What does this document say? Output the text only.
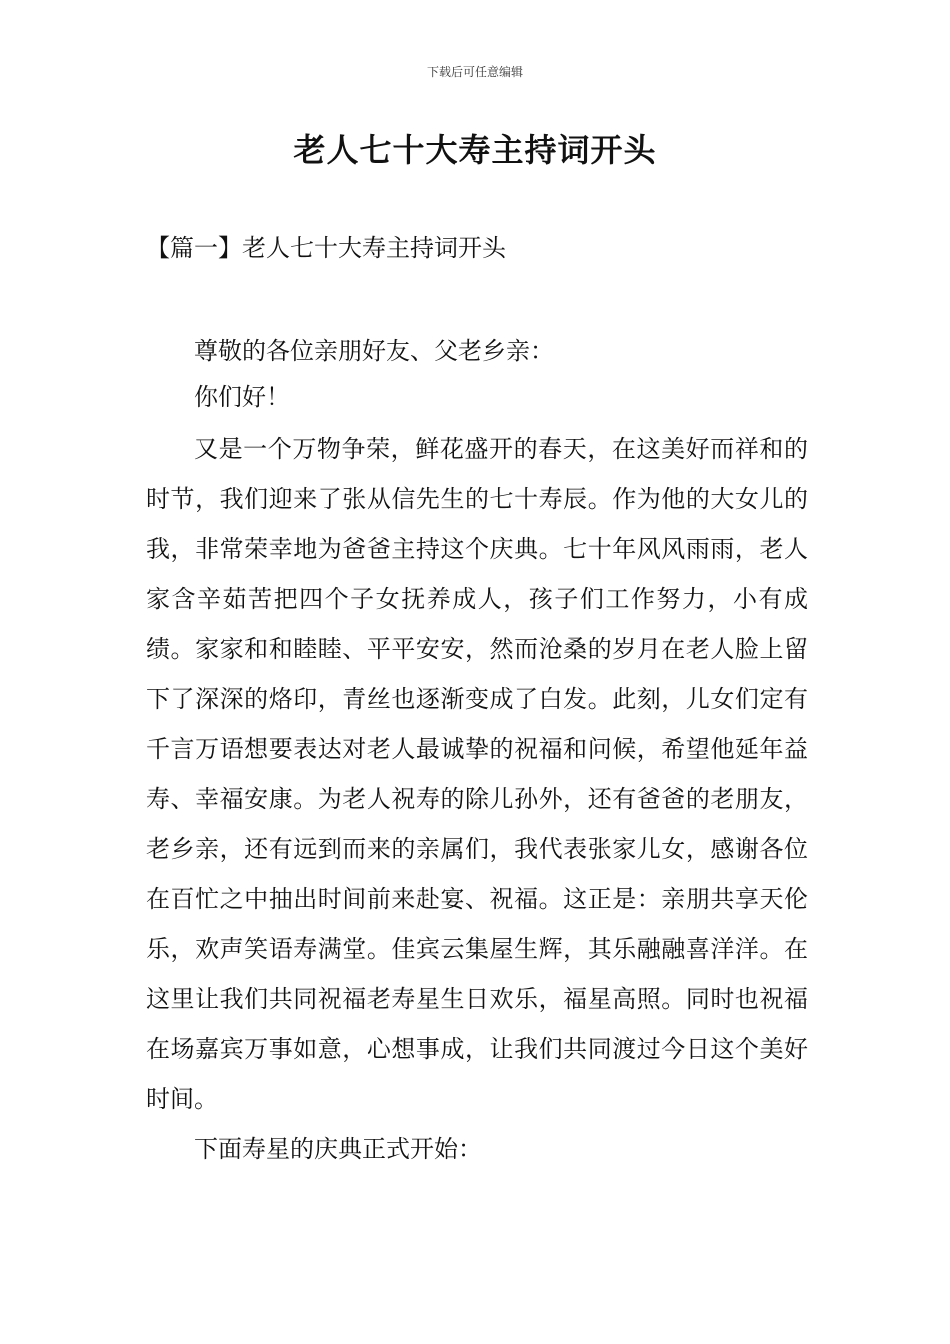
下载后可任意编辑
老人七十大寿主持词开头
【篇一】老人七十大寿主持词开头

尊敬的各位亲朋好友、父老乡亲：

你们好！

又是一个万物争荣，鲜花盛开的春天，在这美好而祥和的时节，我们迎来了张从信先生的七十寿辰。作为他的大女儿的我，非常荣幸地为爸爸主持这个庆典。七十年风风雨雨，老人家含辛茹苦把四个子女抚养成人，孩子们工作努力，小有成绩。家家和和睦睦、平平安安，然而沧桑的岁月在老人脸上留下了深深的烙印，青丝也逐渐变成了白发。此刻，儿女们定有千言万语想要表达对老人最诚挚的祝福和问候，希望他延年益寿、幸福安康。为老人祝寿的除儿孙外，还有爸爸的老朋友，老乡亲，还有远到而来的亲属们，我代表张家儿女，感谢各位在百忙之中抽出时间前来赴宴、祝福。这正是：亲朋共享天伦乐，欢声笑语寿满堂。佳宾云集屋生辉，其乐融融喜洋洋。在这里让我们共同祝福老寿星生日欢乐，福星高照。同时也祝福在场嘉宾万事如意，心想事成，让我们共同渡过今日这个美好时间。

下面寿星的庆典正式开始：
